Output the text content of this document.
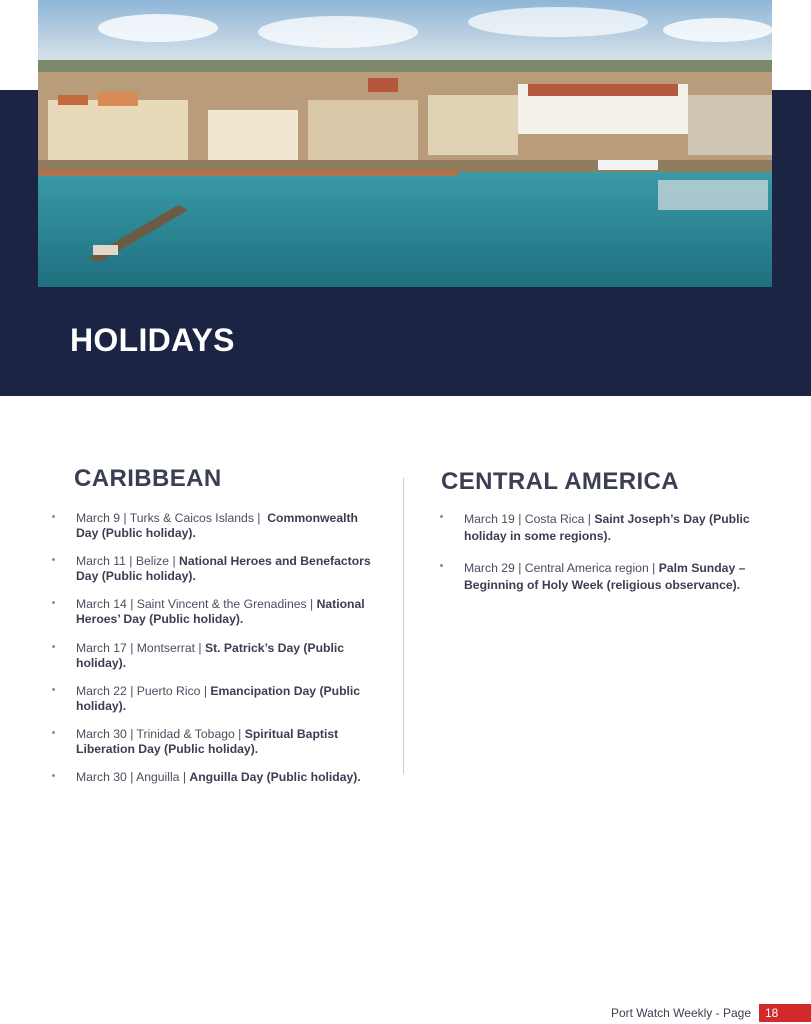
HOLIDAYS
CARIBBEAN	CENTRAL AMERICA
March 9 | Turks & Caicos Islands |  Commonwealth Day (Public holiday).
March 11 | Belize | National Heroes and Benefactors Day (Public holiday).
March 14 | Saint Vincent & the Grenadines | National Heroes’ Day (Public holiday).
March 17 | Montserrat | St. Patrick’s Day (Public holiday).
March 22 | Puerto Rico | Emancipation Day (Public holiday).
March 30 | Trinidad & Tobago | Spiritual Baptist Liberation Day (Public holiday).
March 30 | Anguilla | Anguilla Day (Public holiday).
March 19 | Costa Rica | Saint Joseph’s Day (Public holiday in some regions).
March 29 | Central America region | Palm Sunday – Beginning of Holy Week (religious observance).
Port Watch Weekly - Page	18
